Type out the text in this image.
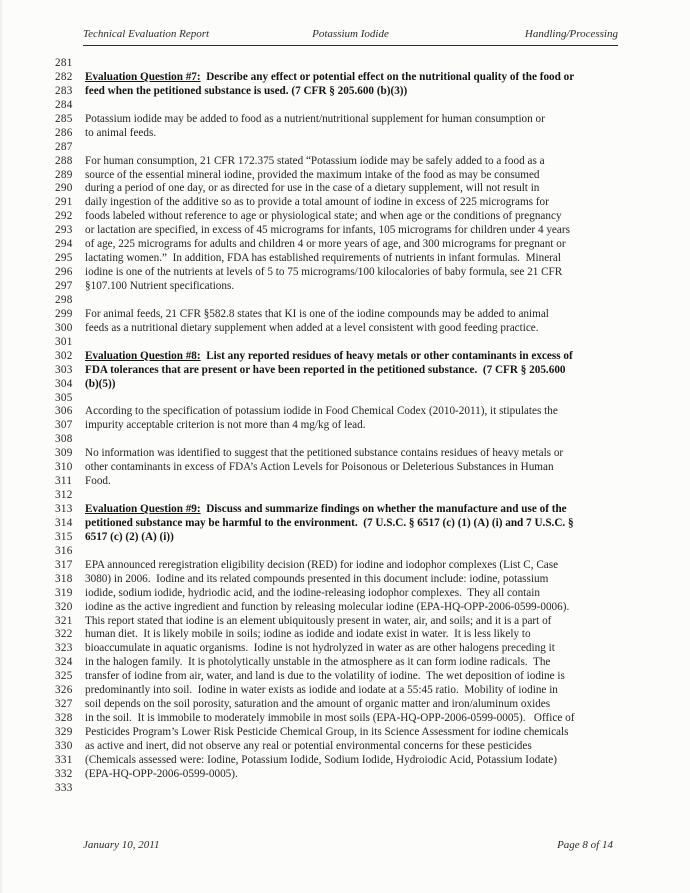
Technical Evaluation Report	Potassium Iodide	Handling/Processing
281
282	Evaluation Question #7:  Describe any effect or potential effect on the nutritional quality of the food or
283	feed when the petitioned substance is used. (7 CFR § 205.600 (b)(3))
284
285	Potassium iodide may be added to food as a nutrient/nutritional supplement for human consumption or
286	to animal feeds.
287
288	For human consumption, 21 CFR 172.375 stated “Potassium iodide may be safely added to a food as a
289	source of the essential mineral iodine, provided the maximum intake of the food as may be consumed
290	during a period of one day, or as directed for use in the case of a dietary supplement, will not result in
291	daily ingestion of the additive so as to provide a total amount of iodine in excess of 225 micrograms for
292	foods labeled without reference to age or physiological state; and when age or the conditions of pregnancy
293	or lactation are specified, in excess of 45 micrograms for infants, 105 micrograms for children under 4 years
294	of age, 225 micrograms for adults and children 4 or more years of age, and 300 micrograms for pregnant or
295	lactating women.”  In addition, FDA has established requirements of nutrients in infant formulas.  Mineral
296	iodine is one of the nutrients at levels of 5 to 75 micrograms/100 kilocalories of baby formula, see 21 CFR
297	§107.100 Nutrient specifications.
298
299	For animal feeds, 21 CFR §582.8 states that KI is one of the iodine compounds may be added to animal
300	feeds as a nutritional dietary supplement when added at a level consistent with good feeding practice.
301
302	Evaluation Question #8:  List any reported residues of heavy metals or other contaminants in excess of
303	FDA tolerances that are present or have been reported in the petitioned substance.  (7 CFR § 205.600
304	(b)(5))
305
306	According to the specification of potassium iodide in Food Chemical Codex (2010-2011), it stipulates the
307	impurity acceptable criterion is not more than 4 mg/kg of lead.
308
309	No information was identified to suggest that the petitioned substance contains residues of heavy metals or
310	other contaminants in excess of FDA’s Action Levels for Poisonous or Deleterious Substances in Human
311	Food.
312
313	Evaluation Question #9:  Discuss and summarize findings on whether the manufacture and use of the
314	petitioned substance may be harmful to the environment.  (7 U.S.C. § 6517 (c) (1) (A) (i) and 7 U.S.C. §
315	6517 (c) (2) (A) (i))
316
317	EPA announced reregistration eligibility decision (RED) for iodine and iodophor complexes (List C, Case
318	3080) in 2006.  Iodine and its related compounds presented in this document include: iodine, potassium
319	iodide, sodium iodide, hydriodic acid, and the iodine-releasing iodophor complexes.  They all contain
320	iodine as the active ingredient and function by releasing molecular iodine (EPA-HQ-OPP-2006-0599-0006).
321	This report stated that iodine is an element ubiquitously present in water, air, and soils; and it is a part of
322	human diet.  It is likely mobile in soils; iodine as iodide and iodate exist in water.  It is less likely to
323	bioaccumulate in aquatic organisms.  Iodine is not hydrolyzed in water as are other halogens preceding it
324	in the halogen family.  It is photolytically unstable in the atmosphere as it can form iodine radicals.  The
325	transfer of iodine from air, water, and land is due to the volatility of iodine.  The wet deposition of iodine is
326	predominantly into soil.  Iodine in water exists as iodide and iodate at a 55:45 ratio.  Mobility of iodine in
327	soil depends on the soil porosity, saturation and the amount of organic matter and iron/aluminum oxides
328	in the soil.  It is immobile to moderately immobile in most soils (EPA-HQ-OPP-2006-0599-0005).   Office of
329	Pesticides Program’s Lower Risk Pesticide Chemical Group, in its Science Assessment for iodine chemicals
330	as active and inert, did not observe any real or potential environmental concerns for these pesticides
331	(Chemicals assessed were: Iodine, Potassium Iodide, Sodium Iodide, Hydroiodic Acid, Potassium Iodate)
332	(EPA-HQ-OPP-2006-0599-0005).
333
January 10, 2011	Page 8 of 14
